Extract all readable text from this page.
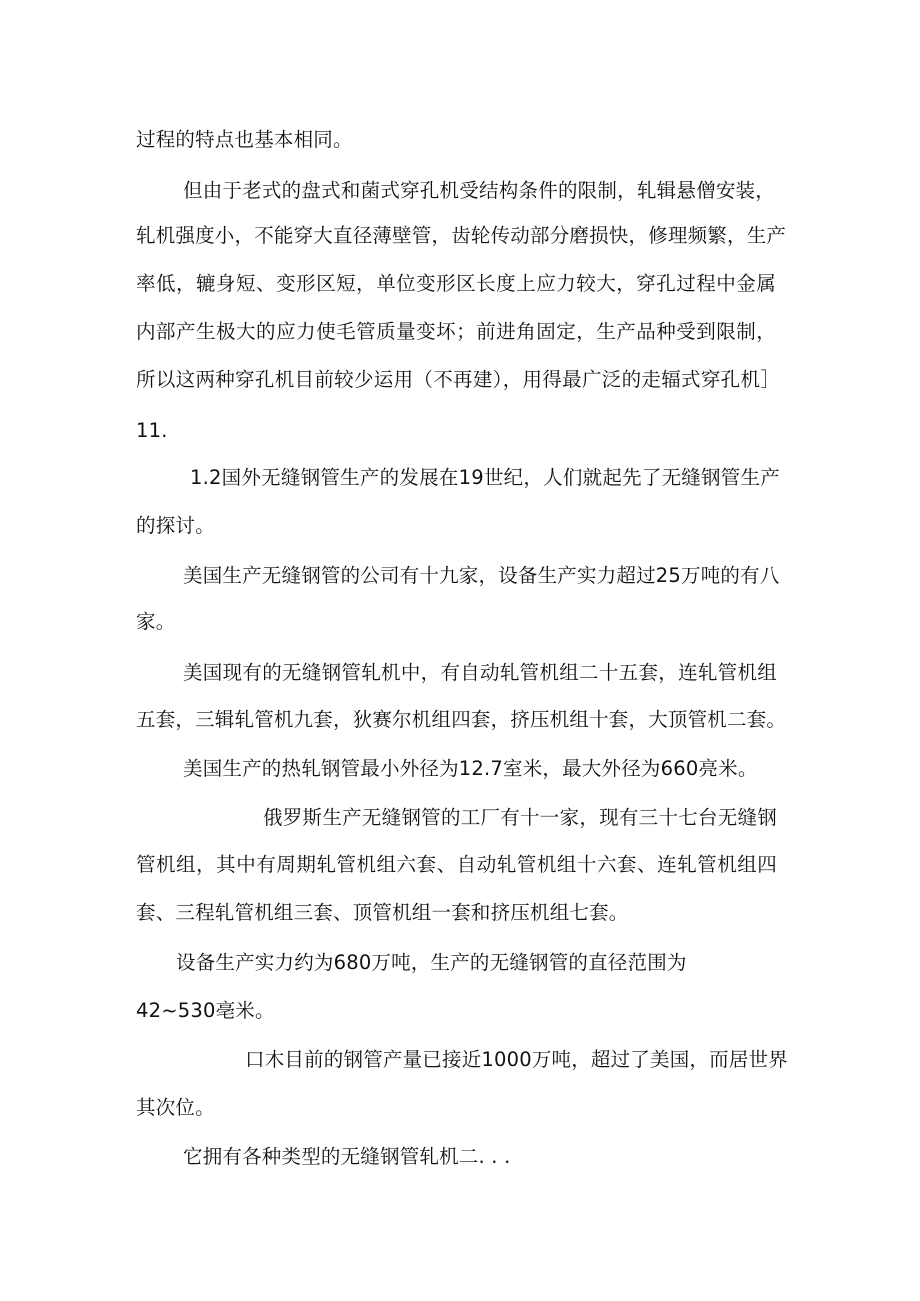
过程的特点也基本相同。
但由于老式的盘式和菌式穿孔机受结构条件的限制，轧辑悬僧安装，
轧机强度小，不能穿大直径薄壁管，齿轮传动部分磨损快，修理频繁，生产
率低，辘身短、变形区短，单位变形区长度上应力较大，穿孔过程中金属
内部产生极大的应力使毛管质量变坏；前进角固定，生产品种受到限制，
所以这两种穿孔机目前较少运用（不再建），用得最广泛的走辐式穿孔机］
11.
1.2国外无缝钢管生产的发展在19世纪，人们就起先了无缝钢管生产
的探讨。
美国生产无缝钢管的公司有十九家，设备生产实力超过25万吨的有八
家。
美国现有的无缝钢管轧机中，有自动轧管机组二十五套，连轧管机组
五套，三辑轧管机九套，狄赛尔机组四套，挤压机组十套，大顶管机二套。
美国生产的热轧钢管最小外径为12.7室米，最大外径为660亮米。
俄罗斯生产无缝钢管的工厂有十一家，现有三十七台无缝钢
管机组，其中有周期轧管机组六套、自动轧管机组十六套、连轧管机组四
套、三程轧管机组三套、顶管机组一套和挤压机组七套。
设备生产实力约为680万吨，生产的无缝钢管的直径范围为
42~530亳米。
口木目前的钢管产量已接近1000万吨，超过了美国，而居世界
其次位。
它拥有各种类型的无缝钢管轧机二. . .
